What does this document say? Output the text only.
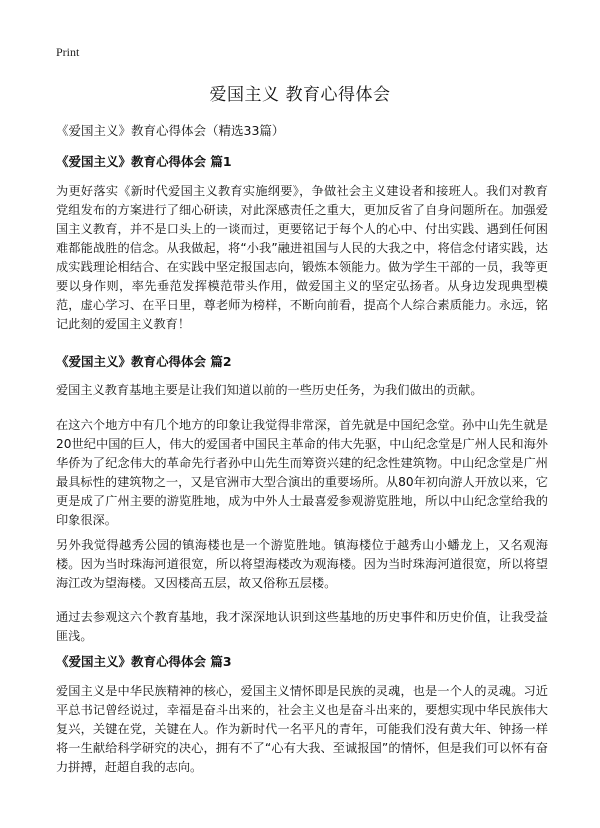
Print
爱国主义 教育心得体会

《爱国主义》教育心得体会（精选33篇）

《爱国主义》教育心得体会 篇1

为更好落实《新时代爱国主义教育实施纲要》，争做社会主义建设者和接班人。我们对教育党组发布的方案进行了细心研读，对此深感责任之重大，更加反省了自身问题所在。加强爱国主义教育，并不是口头上的一谈而过，更要铭记于每个人的心中、付出实践、遇到任何困难都能战胜的信念。从我做起，将“小我”融进祖国与人民的大我之中，将信念付诸实践，达成实践理论相结合、在实践中坚定报国志向，锻炼本领能力。做为学生干部的一员，我等更要以身作则，率先垂范发挥模范带头作用，做爱国主义的坚定弘扬者。从身边发现典型模范，虚心学习、在平日里，尊老师为榜样，不断向前看，提高个人综合素质能力。永远，铭记此刻的爱国主义教育！

《爱国主义》教育心得体会 篇2

爱国主义教育基地主要是让我们知道以前的一些历史任务，为我们做出的贡献。

在这六个地方中有几个地方的印象让我觉得非常深，首先就是中国纪念堂。孙中山先生就是20世纪中国的巨人，伟大的爱国者中国民主革命的伟大先驱，中山纪念堂是广州人民和海外华侨为了纪念伟大的革命先行者孙中山先生而筹资兴建的纪念性建筑物。中山纪念堂是广州最具标性的建筑物之一，又是官洲市大型合演出的重要场所。从80年初向游人开放以来，它更是成了广州主要的游览胜地，成为中外人士最喜爱参观游览胜地，所以中山纪念堂给我的印象很深。

另外我觉得越秀公园的镇海楼也是一个游览胜地。镇海楼位于越秀山小蟠龙上，又名观海楼。因为当时珠海河道很宽，所以将望海楼改为观海楼。因为当时珠海河道很宽，所以将望海江改为望海楼。又因楼高五层，故又俗称五层楼。

通过去参观这六个教育基地，我才深深地认识到这些基地的历史事件和历史价值，让我受益匪浅。

《爱国主义》教育心得体会 篇3

爱国主义是中华民族精神的核心，爱国主义情怀即是民族的灵魂，也是一个人的灵魂。习近平总书记曾经说过，幸福是奋斗出来的，社会主义也是奋斗出来的，要想实现中华民族伟大复兴，关键在党，关键在人。作为新时代一名平凡的青年，可能我们没有黄大年、钟扬一样将一生献给科学研究的决心，拥有不了“心有大我、至诚报国”的情怀，但是我们可以怀有奋力拼搏，赶超自我的志向。
